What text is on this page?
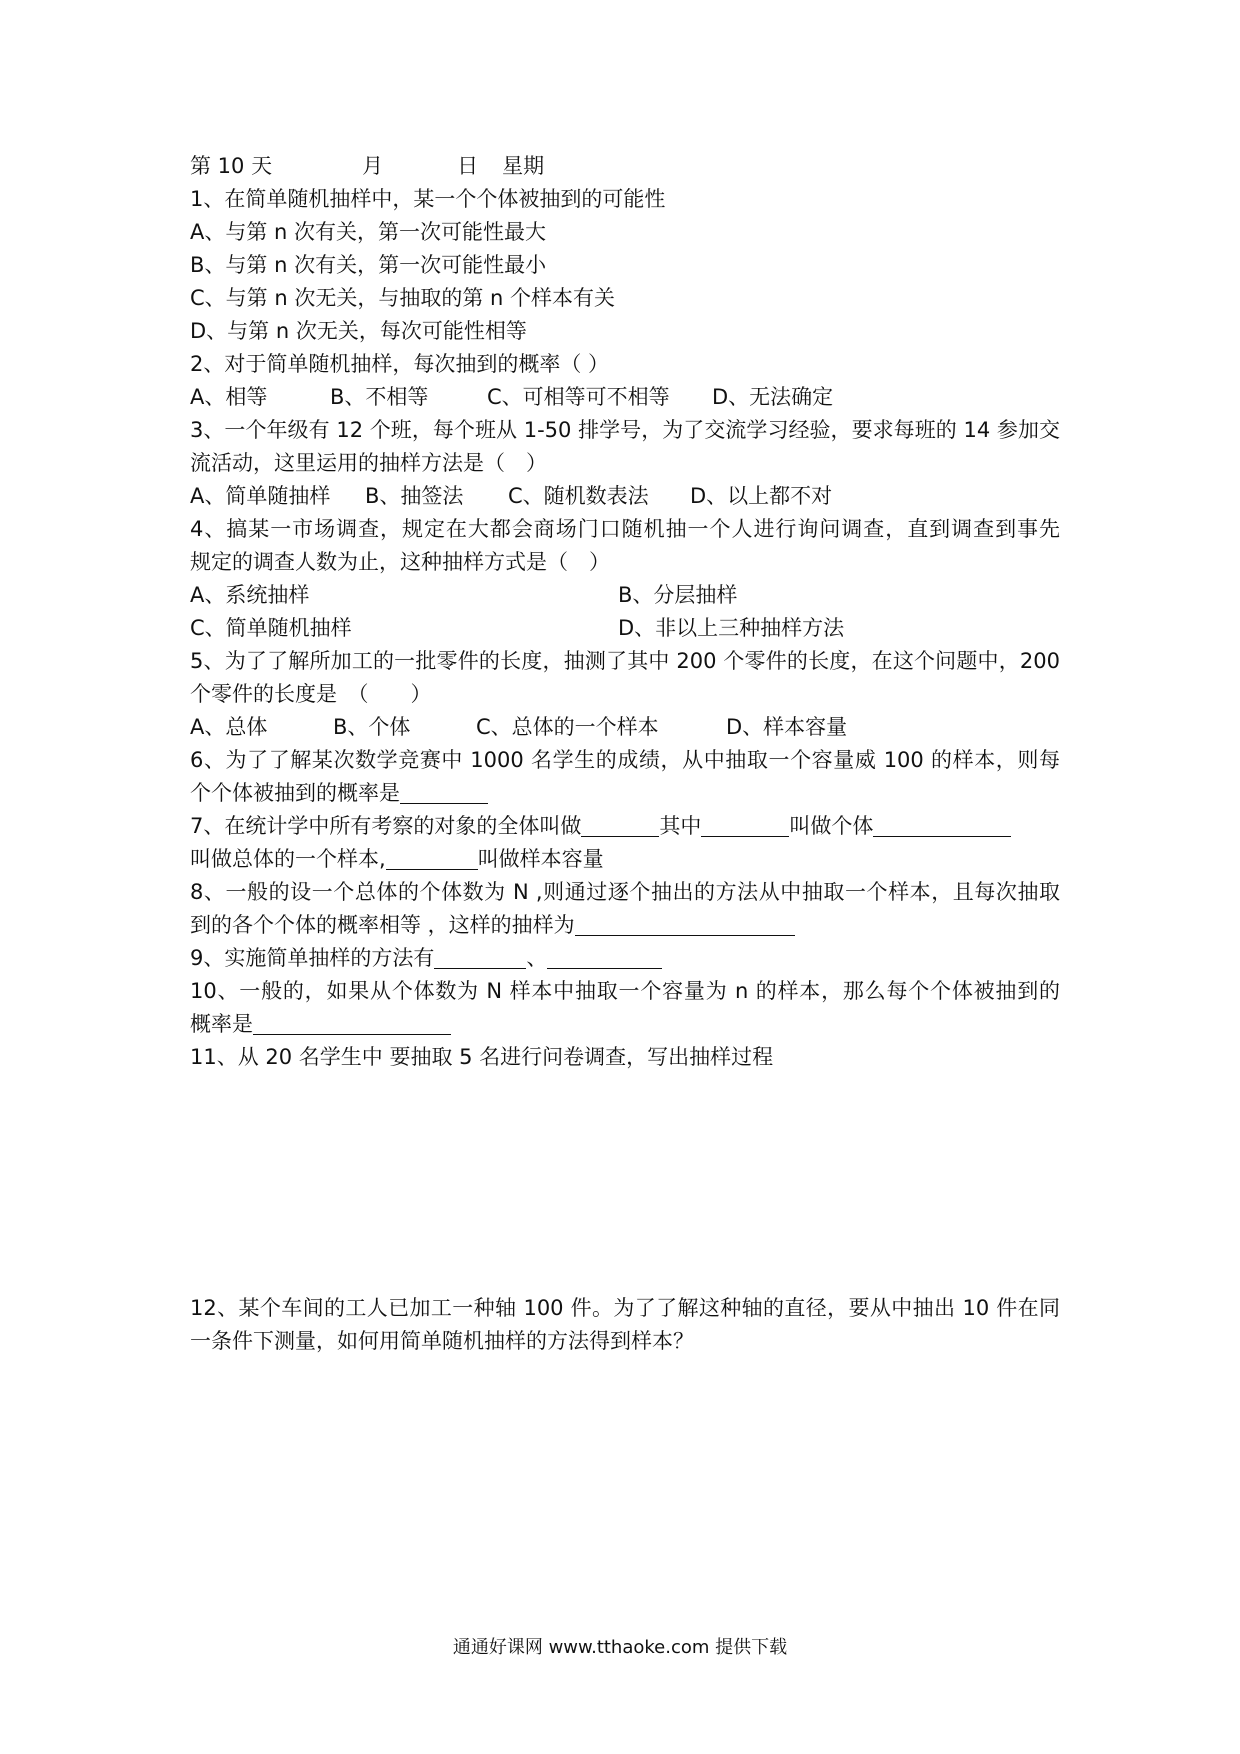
第 10 天	月	日 星期
1、在简单随机抽样中，某一个个体被抽到的可能性
A、与第 n 次有关，第一次可能性最大
B、与第 n 次有关，第一次可能性最小
C、与第 n 次无关，与抽取的第 n 个样本有关
D、与第 n 次无关，每次可能性相等
2、对于简单随机抽样，每次抽到的概率（ ）
A、相等	B、不相等	C、可相等可不相等	D、无法确定
3、一个年级有 12 个班，每个班从 1-50 排学号，为了交流学习经验，要求每班的 14 参加交
流活动，这里运用的抽样方法是（　）
A、简单随抽样	B、抽签法	C、随机数表法	D、以上都不对
4、搞某一市场调查，规定在大都会商场门口随机抽一个人进行询问调查，直到调查到事先
规定的调查人数为止，这种抽样方式是（　）
A、系统抽样	B、分层抽样
C、简单随机抽样	D、非以上三种抽样方法
5、为了了解所加工的一批零件的长度，抽测了其中 200 个零件的长度，在这个问题中，200
个零件的长度是　（　　）
A、总体	B、个体	C、总体的一个样本	D、样本容量
6、为了了解某次数学竞赛中 1000 名学生的成绩，从中抽取一个容量威 100 的样本，则每
个个体被抽到的概率是
7、在统计学中所有考察的对象的全体叫做	其中	叫做个体
叫做总体的一个样本,	叫做样本容量
8、一般的设一个总体的个体数为 N ,则通过逐个抽出的方法从中抽取一个样本，且每次抽取
到的各个个体的概率相等 ，这样的抽样为
9、实施简单抽样的方法有	、
10、一般的，如果从个体数为 N 样本中抽取一个容量为 n 的样本，那么每个个体被抽到的
概率是
11、从 20 名学生中 要抽取 5 名进行问卷调查，写出抽样过程
12、某个车间的工人已加工一种轴 100 件。为了了解这种轴的直径，要从中抽出 10 件在同
一条件下测量，如何用简单随机抽样的方法得到样本？
通通好课网 www.tthaoke.com 提供下载
